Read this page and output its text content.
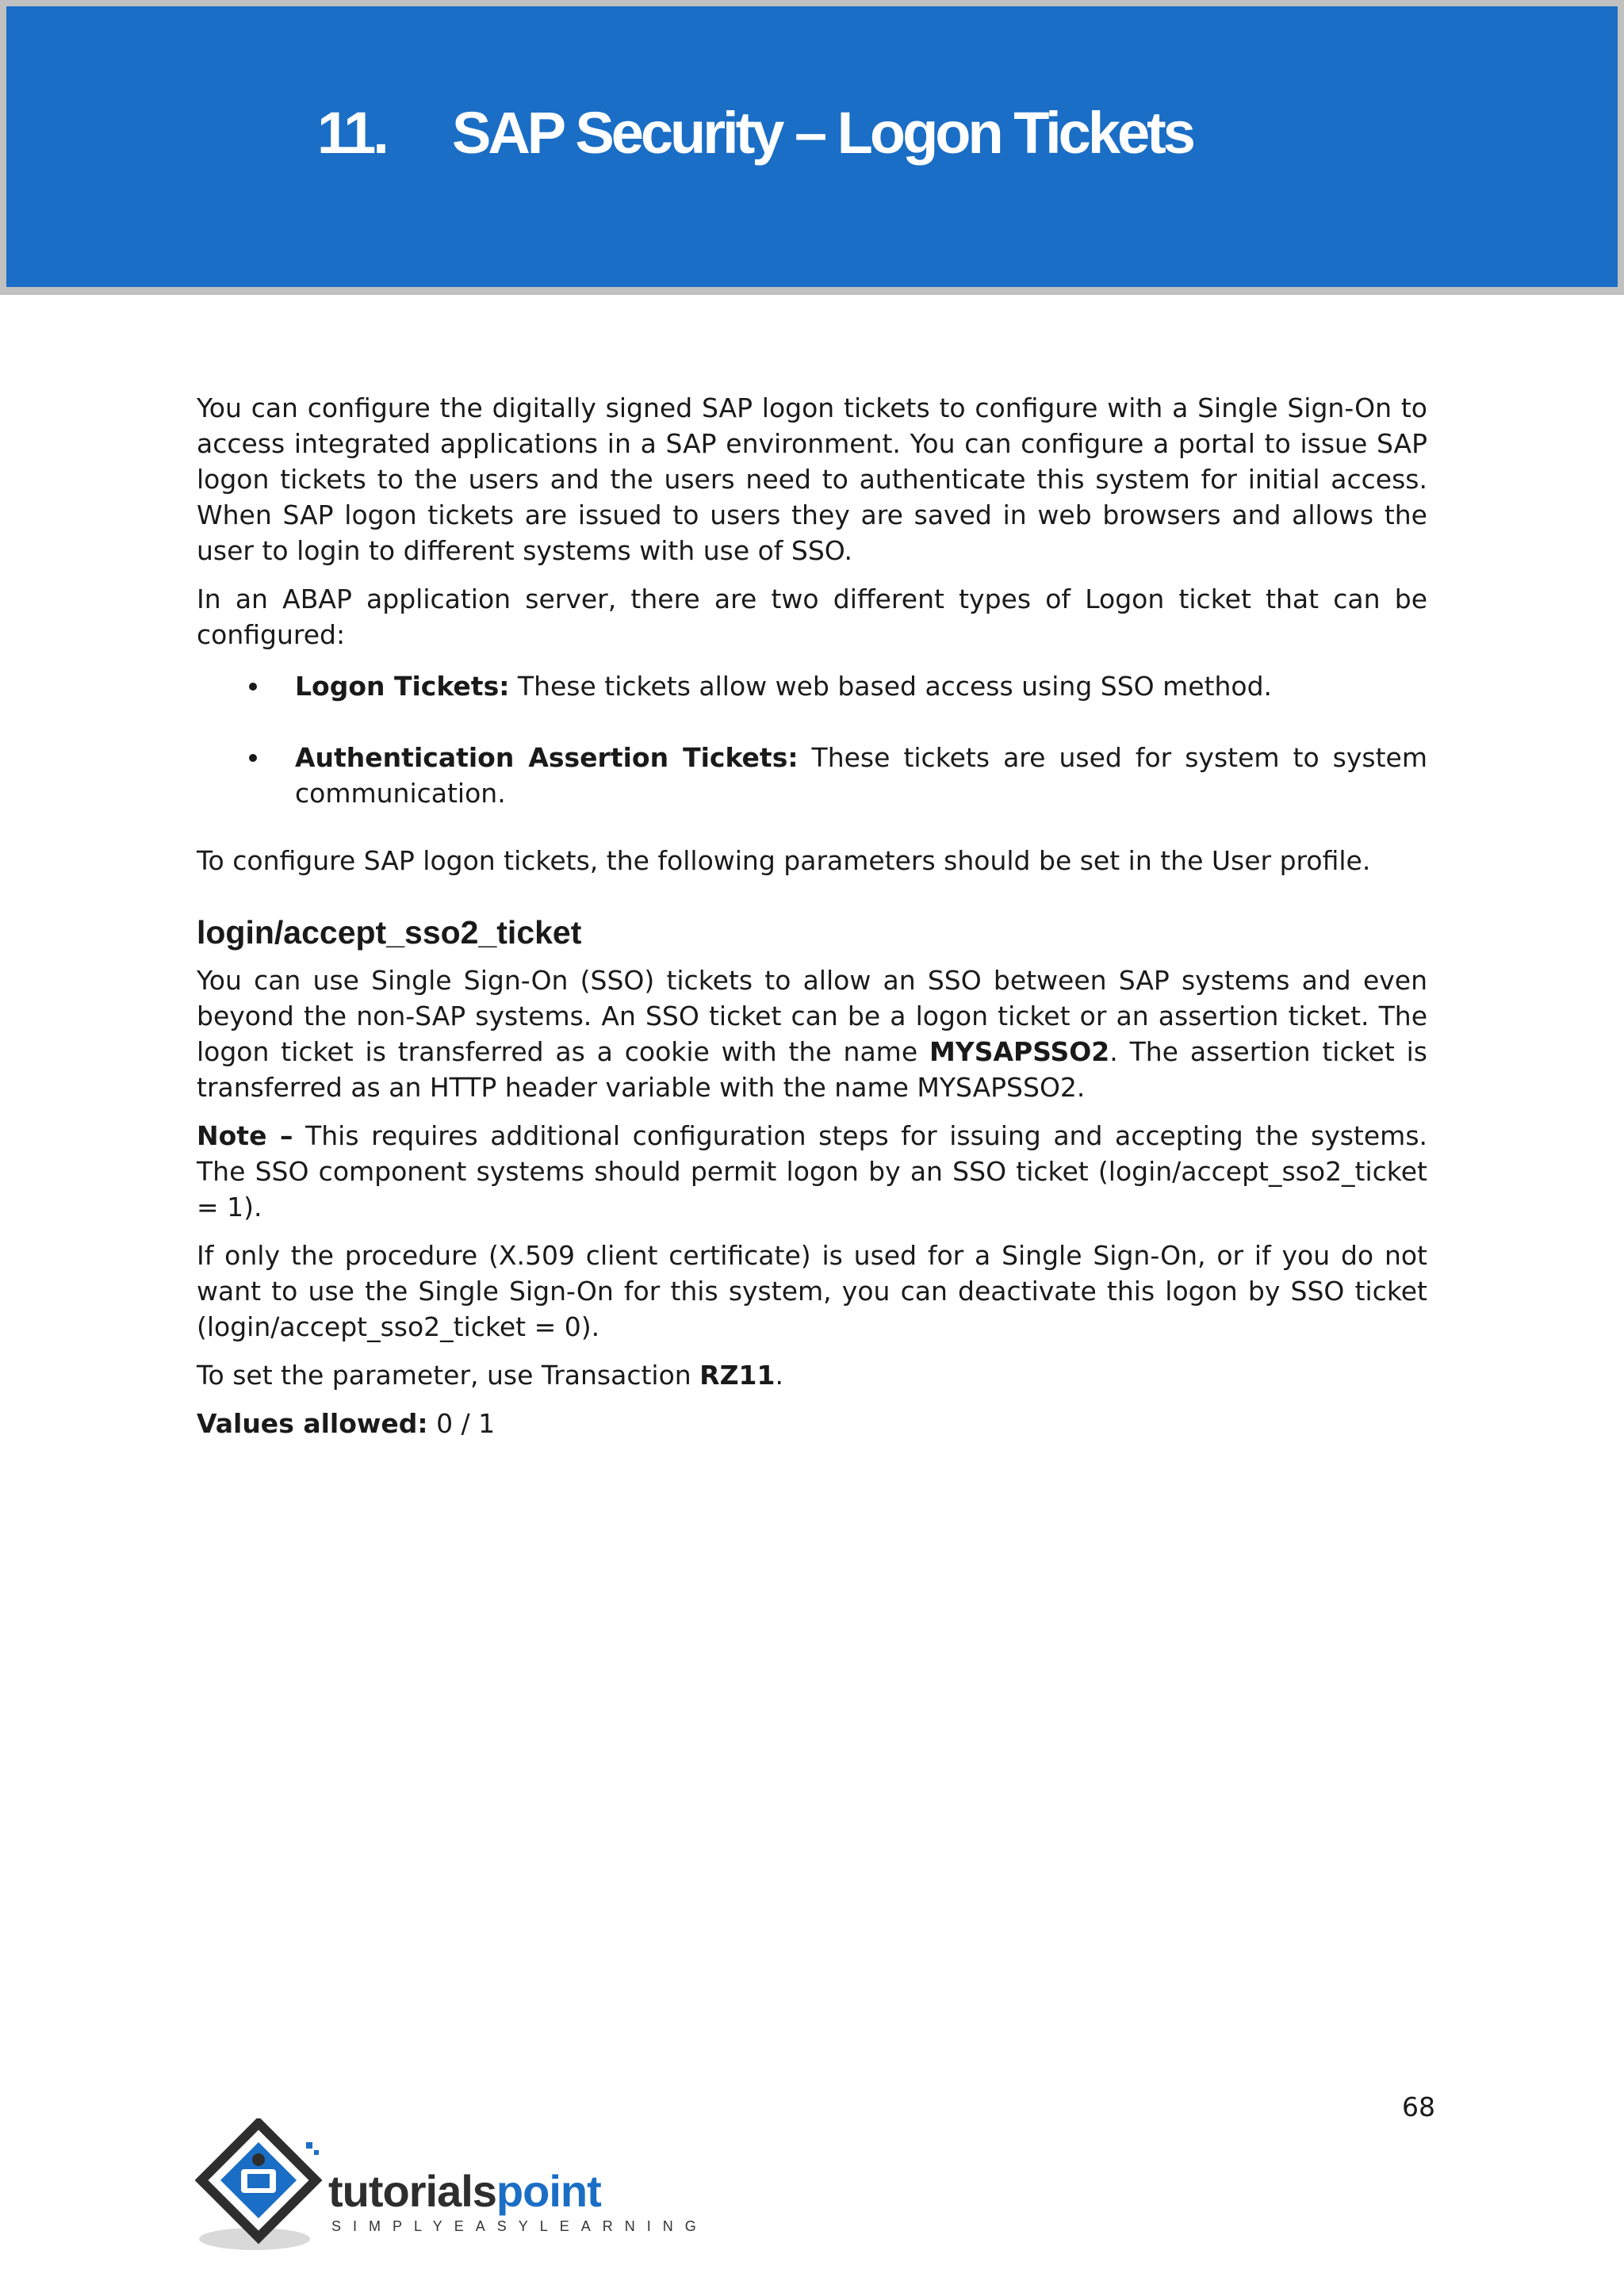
11. SAP Security – Logon Tickets

You can configure the digitally signed SAP logon tickets to configure with a Single Sign-On to access integrated applications in a SAP environment. You can configure a portal to issue SAP logon tickets to the users and the users need to authenticate this system for initial access. When SAP logon tickets are issued to users they are saved in web browsers and allows the user to login to different systems with use of SSO.

In an ABAP application server, there are two different types of Logon ticket that can be configured:

Logon Tickets: These tickets allow web based access using SSO method.
Authentication Assertion Tickets: These tickets are used for system to system communication.

To configure SAP logon tickets, the following parameters should be set in the User profile.

login/accept_sso2_ticket

You can use Single Sign-On (SSO) tickets to allow an SSO between SAP systems and even beyond the non-SAP systems. An SSO ticket can be a logon ticket or an assertion ticket. The logon ticket is transferred as a cookie with the name MYSAPSSO2. The assertion ticket is transferred as an HTTP header variable with the name MYSAPSSO2.

Note – This requires additional configuration steps for issuing and accepting the systems. The SSO component systems should permit logon by an SSO ticket (login/accept_sso2_ticket = 1).

If only the procedure (X.509 client certificate) is used for a Single Sign-On, or if you do not want to use the Single Sign-On for this system, you can deactivate this logon by SSO ticket (login/accept_sso2_ticket = 0).

To set the parameter, use Transaction RZ11.

Values allowed: 0 / 1

68
tutorialspoint
SIMPLYEASYLEARNING
